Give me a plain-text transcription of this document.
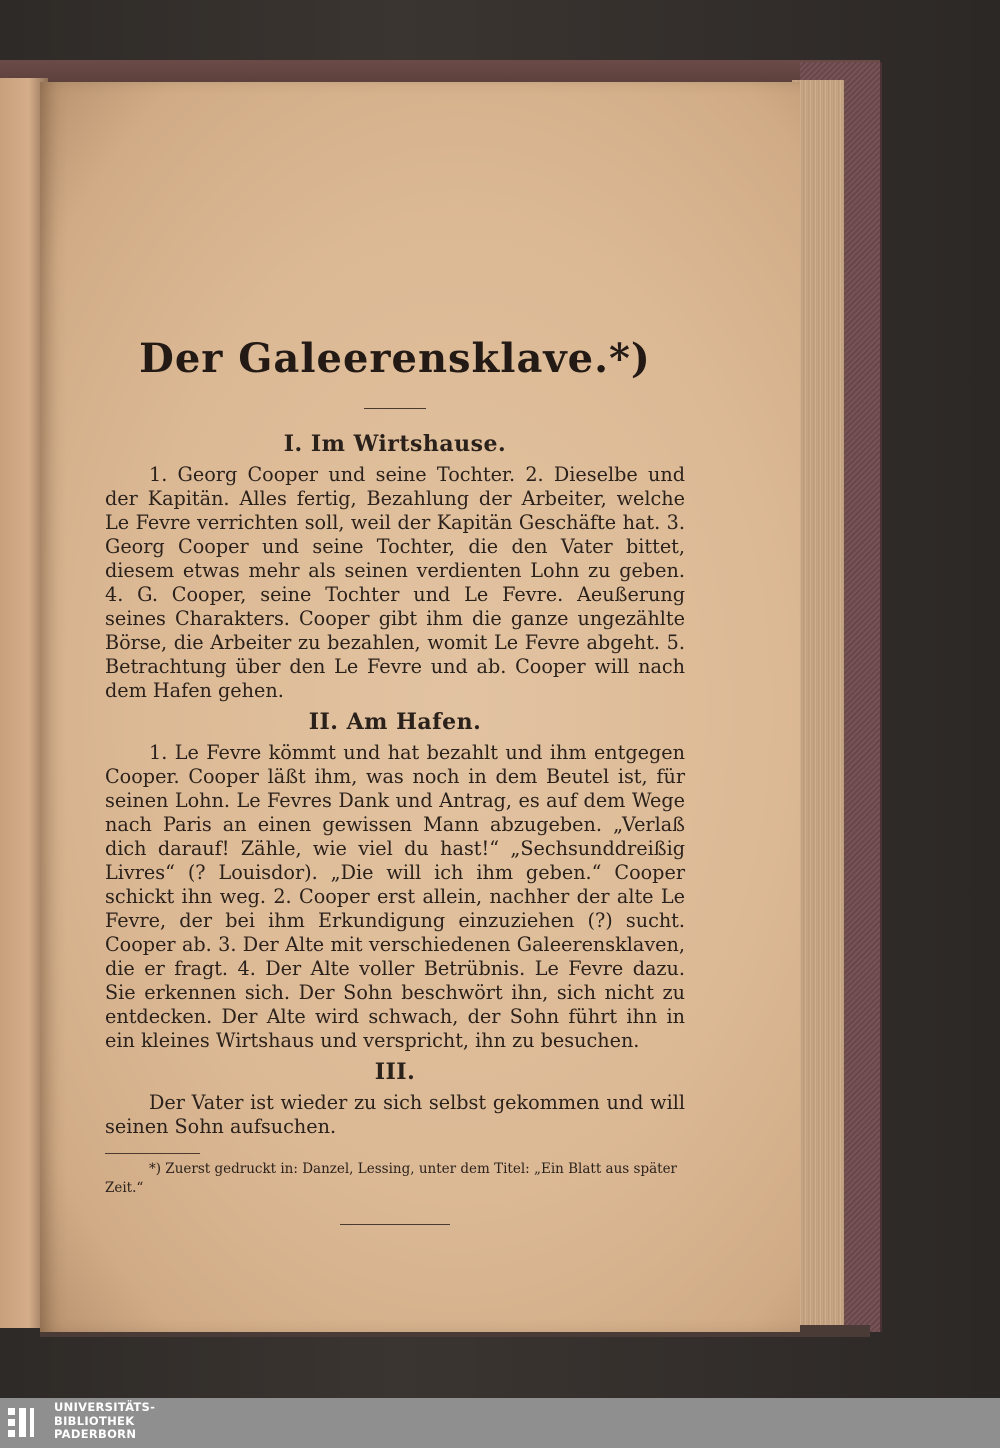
Der Galeerensklave.*)
I. Im Wirtshause.

1. Georg Cooper und seine Tochter. 2. Dieselbe und der Kapitän. Alles fertig, Bezahlung der Arbeiter, welche Le Fevre verrichten soll, weil der Kapitän Geschäfte hat. 3. Georg Cooper und seine Tochter, die den Vater bittet, diesem etwas mehr als seinen verdienten Lohn zu geben. 4. G. Cooper, seine Tochter und Le Fevre. Aeußerung seines Charakters. Cooper gibt ihm die ganze ungezählte Börse, die Arbeiter zu bezahlen, womit Le Fevre abgeht. 5. Betrachtung über den Le Fevre und ab. Cooper will nach dem Hafen gehen.

II. Am Hafen.

1. Le Fevre kömmt und hat bezahlt und ihm entgegen Cooper. Cooper läßt ihm, was noch in dem Beutel ist, für seinen Lohn. Le Fevres Dank und Antrag, es auf dem Wege nach Paris an einen gewissen Mann abzugeben. „Verlaß dich darauf! Zähle, wie viel du hast!“ „Sechsunddreißig Livres“ (? Louisdor). „Die will ich ihm geben.“ Cooper schickt ihn weg. 2. Cooper erst allein, nachher der alte Le Fevre, der bei ihm Erkundigung einzuziehen (?) sucht. Cooper ab. 3. Der Alte mit verschiedenen Galeerensklaven, die er fragt. 4. Der Alte voller Betrübnis. Le Fevre dazu. Sie erkennen sich. Der Sohn beschwört ihn, sich nicht zu entdecken. Der Alte wird schwach, der Sohn führt ihn in ein kleines Wirtshaus und verspricht, ihn zu besuchen.

III.

Der Vater ist wieder zu sich selbst gekommen und will seinen Sohn aufsuchen.

*) Zuerst gedruckt in: Danzel, Lessing, unter dem Titel: „Ein Blatt aus später Zeit.“

UNIVERSITÄTS-
BIBLIOTHEK
PADERBORN
